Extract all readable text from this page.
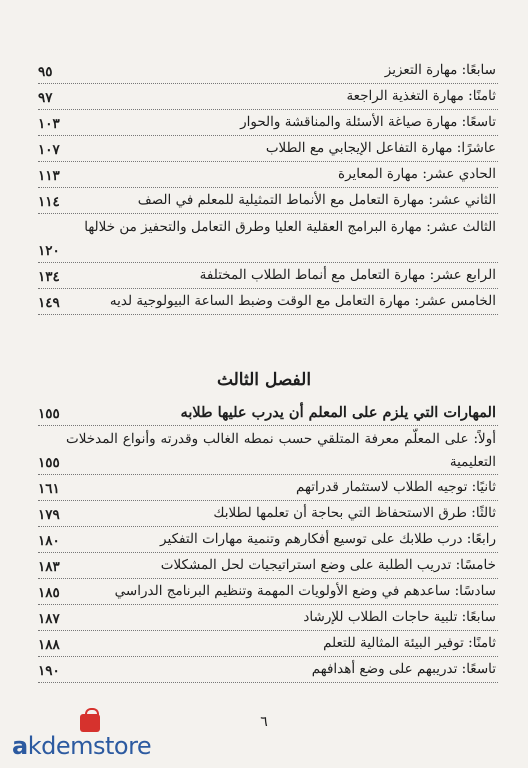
سابعًا: مهارة التعزيز
٩٥
ثامنًا: مهارة التغذية الراجعة
٩٧
تاسعًا: مهارة صياغة الأسئلة والمناقشة والحوار
١٠٣
عاشرًا: مهارة التفاعل الإيجابي مع الطلاب
١٠٧
الحادي عشر: مهارة المعايرة
١١٣
الثاني عشر: مهارة التعامل مع الأنماط التمثيلية للمعلم في الصف
١١٤
الثالث عشر: مهارة البرامج العقلية العليا وطرق التعامل والتحفيز من خلالها
١٢٠
الرابع عشر: مهارة التعامل مع أنماط الطلاب المختلفة
١٣٤
الخامس عشر: مهارة التعامل مع الوقت وضبط الساعة البيولوجية لديه
١٤٩
الفصل الثالث
المهارات التي يلزم على المعلم أن يدرب عليها طلابه
١٥٥
أولاً: على المعلّم معرفة المتلقي حسب نمطه الغالب وقدرته وأنواع المدخلات التعليمية
١٥٥
ثانيًا: توجيه الطلاب لاستثمار قدراتهم
١٦١
ثالثًا: طرق الاستحفاظ التي بحاجة أن تعلمها لطلابك
١٧٩
رابعًا: درب طلابك على توسيع أفكارهم وتنمية مهارات التفكير
١٨٠
خامسًا: تدريب الطلبة على وضع استراتيجيات لحل المشكلات
١٨٣
سادسًا: ساعدهم في وضع الأولويات المهمة وتنظيم البرنامج الدراسي
١٨٥
سابعًا: تلبية حاجات الطلاب للإرشاد
١٨٧
ثامنًا: توفير البيئة المثالية للتعلم
١٨٨
تاسعًا: تدريبهم على وضع أهدافهم
١٩٠
٦
akdemstore
